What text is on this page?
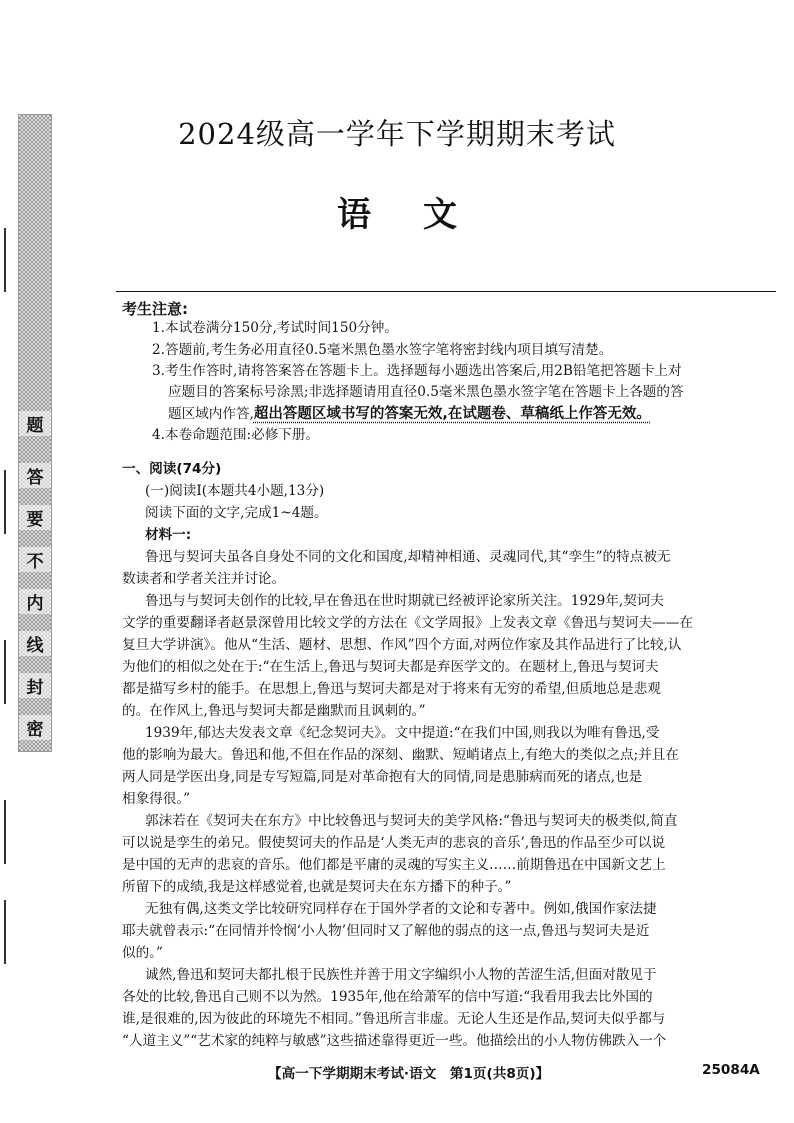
题
答
要
不
内
线
封
密
2024级高一学年下学期期末考试
语文
考生注意:
1.本试卷满分150分,考试时间150分钟。
2.答题前,考生务必用直径0.5毫米黑色墨水签字笔将密封线内项目填写清楚。
3.考生作答时,请将答案答在答题卡上。选择题每小题选出答案后,用2B铅笔把答题卡上对
应题目的答案标号涂黑;非选择题请用直径0.5毫米黑色墨水签字笔在答题卡上各题的答
题区域内作答,超出答题区域书写的答案无效,在试题卷、草稿纸上作答无效。
4.本卷命题范围:必修下册。
一、阅读(74分)
(一)阅读Ⅰ(本题共4小题,13分)
阅读下面的文字,完成1~4题。
材料一:
鲁迅与契诃夫虽各自身处不同的文化和国度,却精神相通、灵魂同代,其“孪生”的特点被无
数读者和学者关注并讨论。
鲁迅与与契诃夫创作的比较,早在鲁迅在世时期就已经被评论家所关注。1929年,契诃夫
文学的重要翻译者赵景深曾用比较文学的方法在《文学周报》上发表文章《鲁迅与契诃夫——在
复旦大学讲演》。他从“生活、题材、思想、作风”四个方面,对两位作家及其作品进行了比较,认
为他们的相似之处在于:“在生活上,鲁迅与契诃夫都是弃医学文的。在题材上,鲁迅与契诃夫
都是描写乡村的能手。在思想上,鲁迅与契诃夫都是对于将来有无穷的希望,但质地总是悲观
的。在作风上,鲁迅与契诃夫都是幽默而且讽刺的。”
1939年,郁达夫发表文章《纪念契诃夫》。文中提道:“在我们中国,则我以为唯有鲁迅,受
他的影响为最大。鲁迅和他,不但在作品的深刻、幽默、短峭诸点上,有绝大的类似之点;并且在
两人同是学医出身,同是专写短篇,同是对革命抱有大的同情,同是患肺病而死的诸点,也是
相象得很。”
郭沫若在《契诃夫在东方》中比较鲁迅与契诃夫的美学风格:“鲁迅与契诃夫的极类似,简直
可以说是孪生的弟兄。假使契诃夫的作品是‘人类无声的悲哀的音乐’,鲁迅的作品至少可以说
是中国的无声的悲哀的音乐。他们都是平庸的灵魂的写实主义……前期鲁迅在中国新文艺上
所留下的成绩,我是这样感觉着,也就是契诃夫在东方播下的种子。”
无独有偶,这类文学比较研究同样存在于国外学者的文论和专著中。例如,俄国作家法捷
耶夫就曾表示:“在同情并怜悯‘小人物’但同时又了解他的弱点的这一点,鲁迅与契诃夫是近
似的。”
诚然,鲁迅和契诃夫都扎根于民族性并善于用文字编织小人物的苦涩生活,但面对散见于
各处的比较,鲁迅自己则不以为然。1935年,他在给萧军的信中写道:“我看用我去比外国的
谁,是很难的,因为彼此的环境先不相同。”鲁迅所言非虚。无论人生还是作品,契诃夫似乎都与
【高一下学期期末考试·语文　第1页(共8页)】	25084A
“人道主义”“艺术家的纯粹与敏感”这些描述靠得更近一些。他描绘出的小人物仿佛跌入一个
